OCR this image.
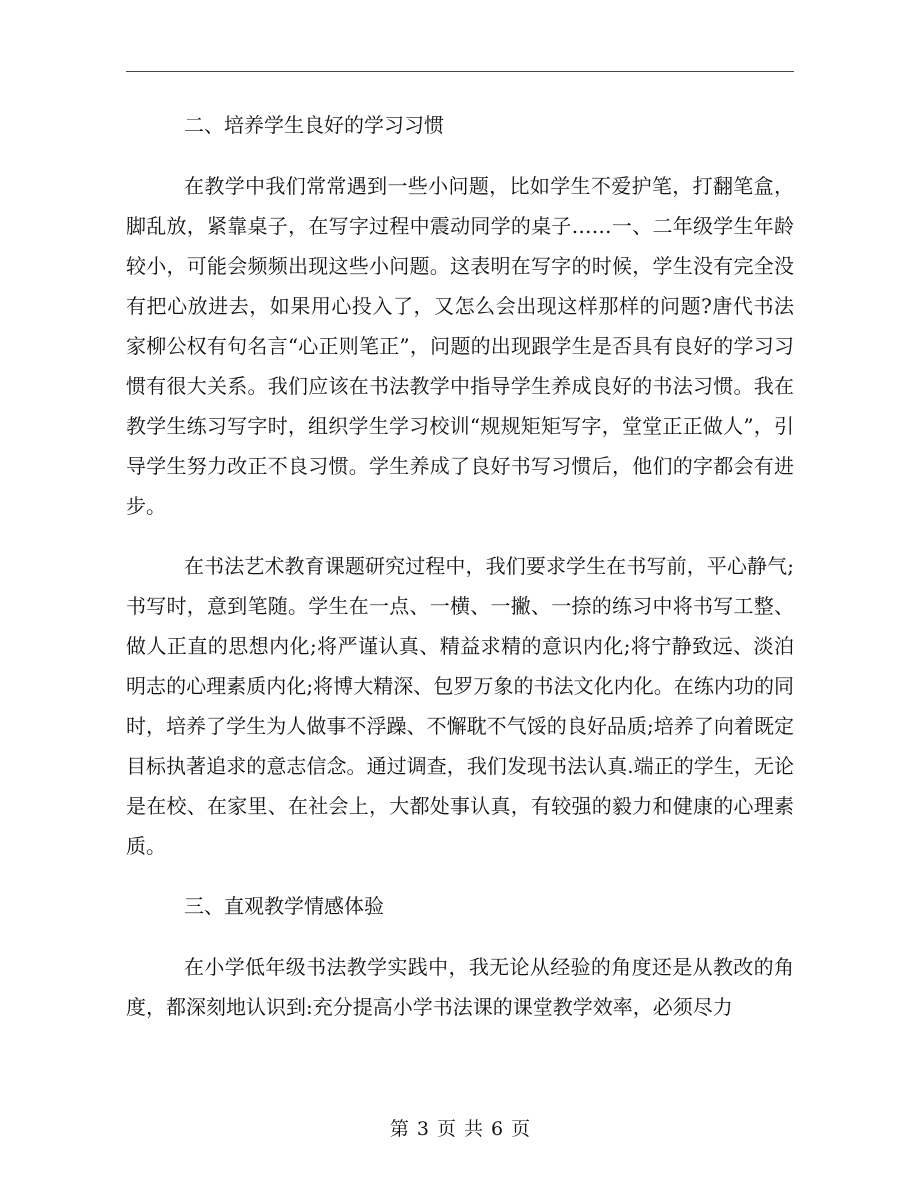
二、培养学生良好的学习习惯

在教学中我们常常遇到一些小问题，比如学生不爱护笔，打翻笔盒，脚乱放，紧靠桌子，在写字过程中震动同学的桌子……一、二年级学生年龄较小，可能会频频出现这些小问题。这表明在写字的时候，学生没有完全没有把心放进去，如果用心投入了，又怎么会出现这样那样的问题?唐代书法家柳公权有句名言“心正则笔正”，问题的出现跟学生是否具有良好的学习习惯有很大关系。我们应该在书法教学中指导学生养成良好的书法习惯。我在教学生练习写字时，组织学生学习校训“规规矩矩写字，堂堂正正做人”，引导学生努力改正不良习惯。学生养成了良好书写习惯后，他们的字都会有进步。

在书法艺术教育课题研究过程中，我们要求学生在书写前，平心静气;书写时，意到笔随。学生在一点、一横、一撇、一捺的练习中将书写工整、做人正直的思想内化;将严谨认真、精益求精的意识内化;将宁静致远、淡泊明志的心理素质内化;将博大精深、包罗万象的书法文化内化。在练内功的同时，培养了学生为人做事不浮躁、不懈耽不气馁的良好品质;培养了向着既定目标执著追求的意志信念。通过调查，我们发现书法认真.端正的学生，无论是在校、在家里、在社会上，大都处事认真，有较强的毅力和健康的心理素质。

三、直观教学情感体验

在小学低年级书法教学实践中，我无论从经验的角度还是从教改的角度，都深刻地认识到:充分提高小学书法课的课堂教学效率，必须尽力

第 3 页 共 6 页
